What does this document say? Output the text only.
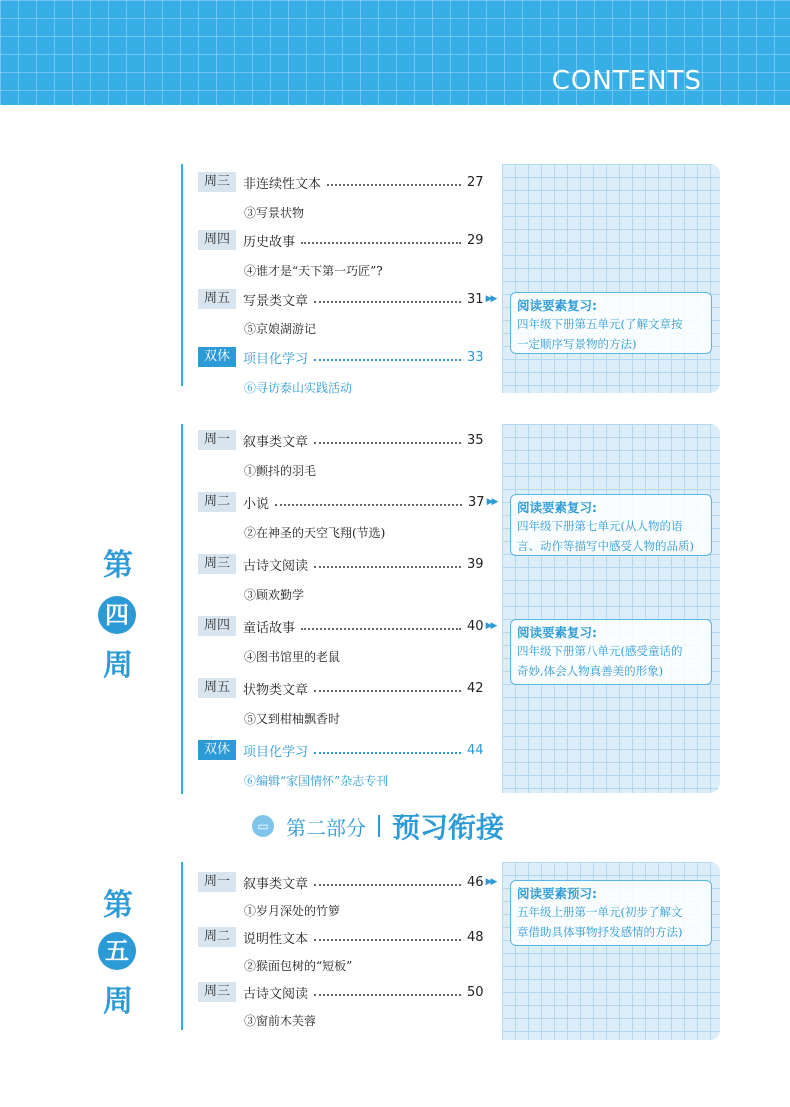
CONTENTS
周三	非连续性文本	27
③写景状物
周四	历史故事	29
④谁才是“天下第一巧匠”?
周五	写景类文章	31 ▶▶
⑤京娘湖游记
双休	项目化学习	33
⑥寻访泰山实践活动
阅读要素复习:
四年级下册第五单元(了解文章按
一定顺序写景物的方法)
第
四
周
周一	叙事类文章	35
①颤抖的羽毛
周二	小说	37 ▶▶
②在神圣的天空飞翔(节选)
周三	古诗文阅读	39
③顾欢勤学
周四	童话故事	40 ▶▶
④图书馆里的老鼠
周五	状物类文章	42
⑤又到柑柚飘香时
双休	项目化学习	44
⑥编辑“家国情怀”杂志专刊
阅读要素复习:
四年级下册第七单元(从人物的语
言、动作等描写中感受人物的品质)
阅读要素复习:
四年级下册第八单元(感受童话的
奇妙,体会人物真善美的形象)
▭ 第二部分 预习衔接
第
五
周
周一	叙事类文章	46 ▶▶
①岁月深处的竹箩
周二	说明性文本	48
②猴面包树的“短板”
周三	古诗文阅读	50
③窗前木芙蓉
阅读要素预习:
五年级上册第一单元(初步了解文
章借助具体事物抒发感情的方法)
